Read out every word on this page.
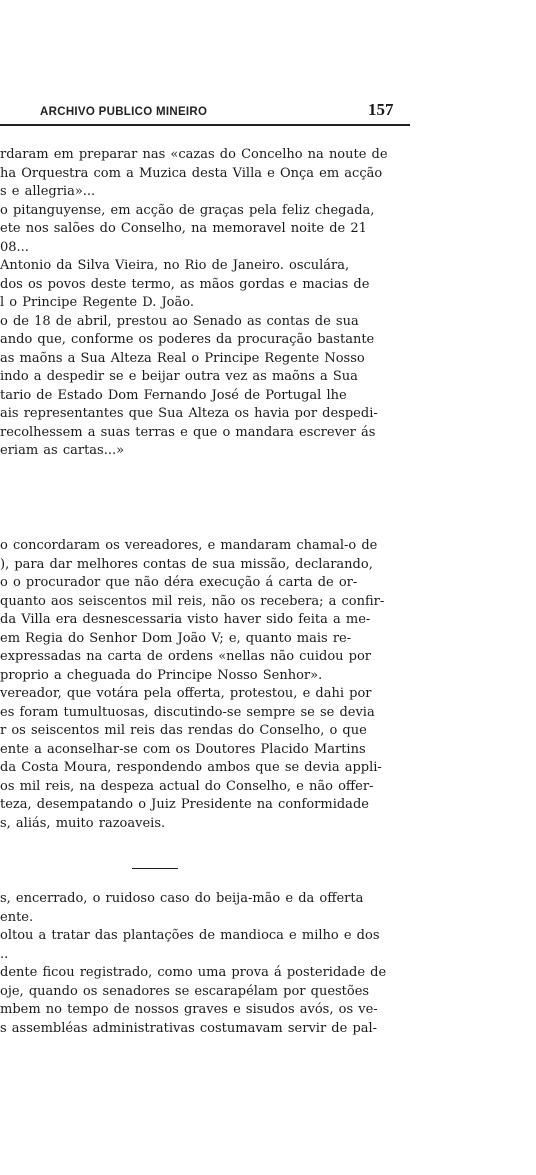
ARCHIVO PUBLICO MINEIRO	157
rdaram em preparar nas «cazas do Concelho na noute de
ha Orquestra com a Muzica desta Villa e Onça em acção
s e allegria»...
o pitanguyense, em acção de graças pela feliz chegada,
ete nos salões do Conselho, na memoravel noite de 21
08...
Antonio da Silva Vieira, no Rio de Janeiro. osculára,
dos os povos deste termo, as mãos gordas e macias de
l o Principe Regente D. João.
o de 18 de abril, prestou ao Senado as contas de sua
ando que, conforme os poderes da procuração bastante
as maõns a Sua Alteza Real o Principe Regente Nosso
indo a despedir se e beijar outra vez as maõns a Sua
tario de Estado Dom Fernando José de Portugal lhe
ais representantes que Sua Alteza os havia por despedi-
recolhessem a suas terras e que o mandara escrever ás
eriam as cartas...»
o concordaram os vereadores, e mandaram chamal-o de
), para dar melhores contas de sua missão, declarando,
o o procurador que não déra execução á carta de or-
quanto aos seiscentos mil reis, não os recebera; a confir-
da Villa era desnescessaria visto haver sido feita a me-
em Regia do Senhor Dom João V; e, quanto mais re-
expressadas na carta de ordens «nellas não cuidou por
proprio a cheguada do Principe Nosso Senhor».
vereador, que votára pela offerta, protestou, e dahi por
es foram tumultuosas, discutindo-se sempre se se devia
r os seiscentos mil reis das rendas do Conselho, o que
ente a aconselhar-se com os Doutores Placido Martins
da Costa Moura, respondendo ambos que se devia appli-
os mil reis, na despeza actual do Conselho, e não offer-
teza, desempatando o Juiz Presidente na conformidade
s, aliás, muito razoaveis.
s, encerrado, o ruidoso caso do beija-mão e da offerta
ente.
oltou a tratar das plantações de mandioca e milho e dos
..
dente ficou registrado, como uma prova á posteridade de
oje, quando os senadores se escarapélam por questões
mbem no tempo de nossos graves e sisudos avós, os ve-
s assembléas administrativas costumavam servir de pal-
